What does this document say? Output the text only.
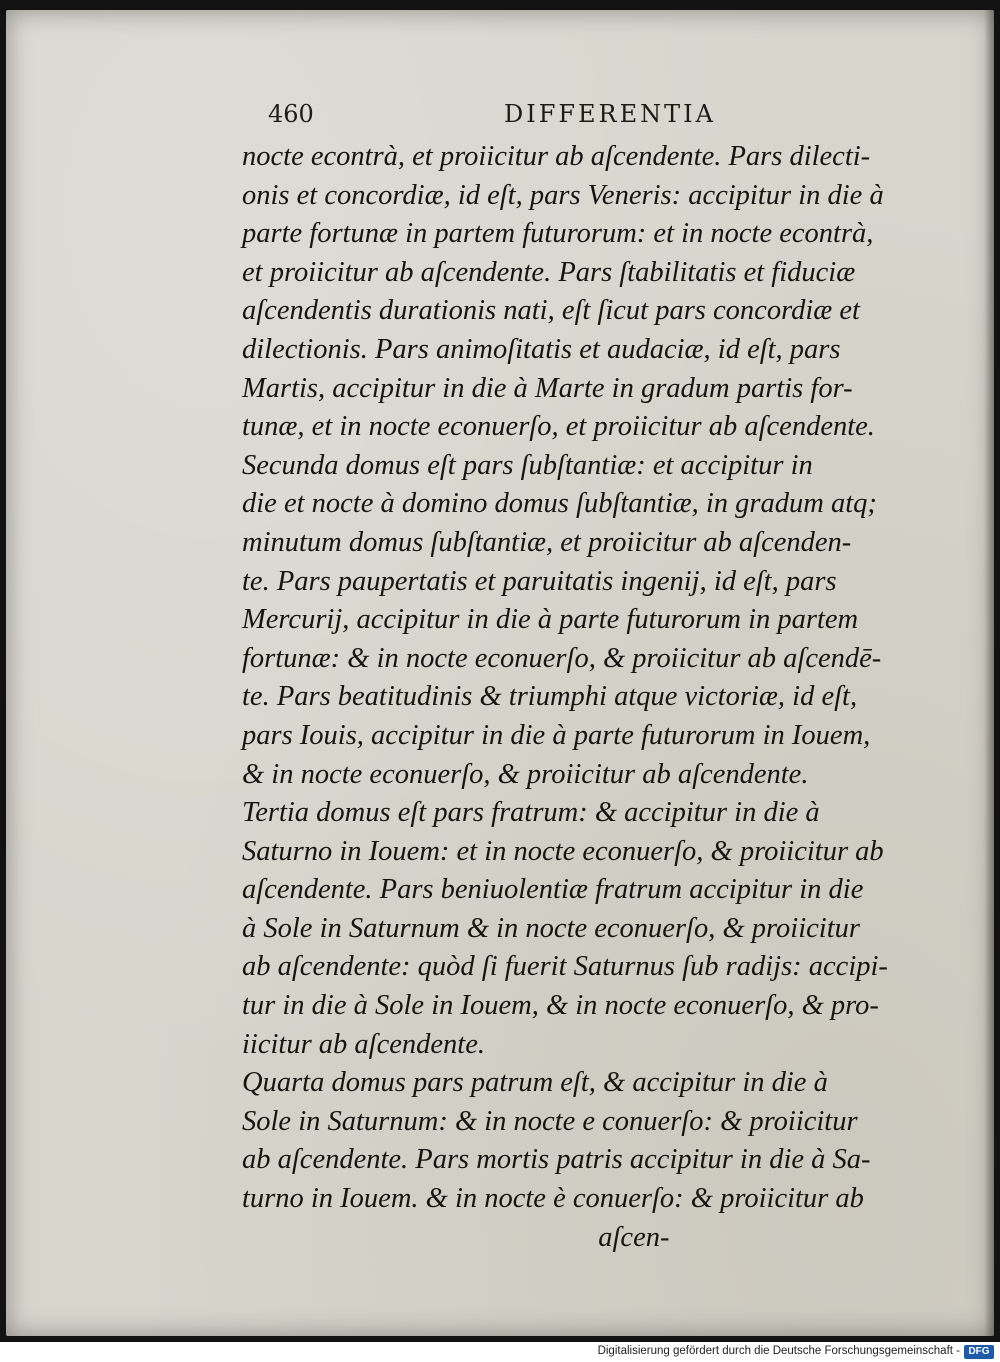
460	DIFFERENTIA
nocte econtrà, et proiicitur ab aſcendente. Pars dilecti-
onis et concordiæ, id eſt, pars Veneris: accipitur in die à
parte fortunæ in partem futurorum: et in nocte econtrà,
et proiicitur ab aſcendente. Pars ſtabilitatis et fiduciæ
aſcendentis durationis nati, eſt ſicut pars concordiæ et
dilectionis. Pars animoſitatis et audaciæ, id eſt, pars
Martis, accipitur in die à Marte in gradum partis for-
tunæ, et in nocte econuerſo, et proiicitur ab aſcendente.
Secunda domus eſt pars ſubſtantiæ: et accipitur in
die et nocte à domino domus ſubſtantiæ, in gradum atq;
minutum domus ſubſtantiæ, et proiicitur ab aſcenden-
te. Pars paupertatis et paruitatis ingenij, id eſt, pars
Mercurij, accipitur in die à parte futurorum in partem
fortunæ: & in nocte econuerſo, & proiicitur ab aſcendē-
te. Pars beatitudinis & triumphi atque victoriæ, id eſt,
pars Iouis, accipitur in die à parte futurorum in Iouem,
& in nocte econuerſo, & proiicitur ab aſcendente.
Tertia domus eſt pars fratrum: & accipitur in die à
Saturno in Iouem: et in nocte econuerſo, & proiicitur ab
aſcendente. Pars beniuolentiæ fratrum accipitur in die
à Sole in Saturnum & in nocte econuerſo, & proiicitur
ab aſcendente: quòd ſi fuerit Saturnus ſub radijs: accipi-
tur in die à Sole in Iouem, & in nocte econuerſo, & pro-
iicitur ab aſcendente.
Quarta domus pars patrum eſt, & accipitur in die à
Sole in Saturnum: & in nocte e conuerſo: & proiicitur
ab aſcendente. Pars mortis patris accipitur in die à Sa-
turno in Iouem. & in nocte è conuerſo: & proiicitur ab
aſcen-
Digitalisierung gefördert durch die Deutsche Forschungsgemeinschaft - DFG
